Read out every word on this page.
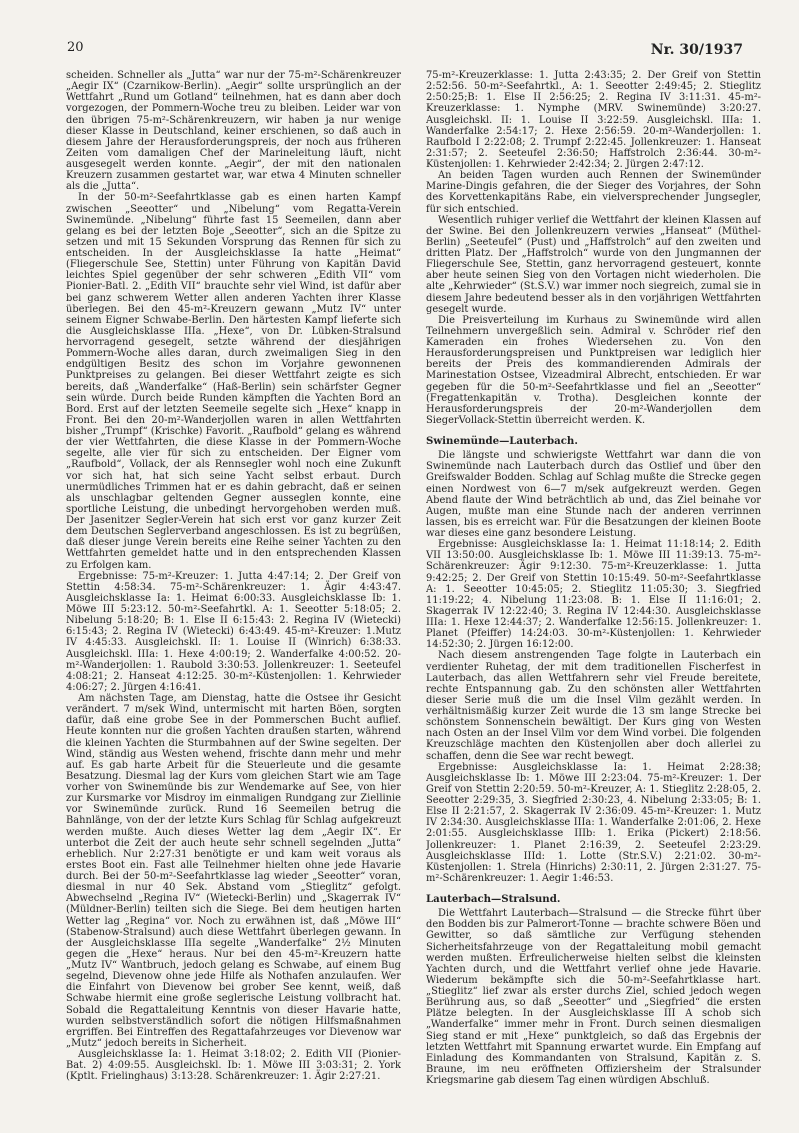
20	Nr. 30/1937

scheiden. Schneller als „Jutta“ war nur der 75-m²-Schärenkreuzer „Aegir IX“ (Czarnikow-Berlin). „Aegir“ sollte ursprünglich an der Wettfahrt „Rund um Gotland“ teilnehmen, hat es dann aber doch vorgezogen, der Pommern-Woche treu zu bleiben. Leider war von den übrigen 75-m²-Schärenkreuzern, wir haben ja nur wenige dieser Klasse in Deutschland, keiner erschienen, so daß auch in diesem Jahre der Herausforderungspreis, der noch aus früheren Zeiten vom damaligen Chef der Marineleitung läuft, nicht ausgesegelt werden konnte. „Aegir“, der mit den nationalen Kreuzern zusammen gestartet war, war etwa 4 Minuten schneller als die „Jutta“.

In der 50-m²-Seefahrtklasse gab es einen harten Kampf zwischen „Seeotter“ und „Nibelung“ vom Regatta-Verein Swinemünde. „Nibelung“ führte fast 15 Seemeilen, dann aber gelang es bei der letzten Boje „Seeotter“, sich an die Spitze zu setzen und mit 15 Sekunden Vorsprung das Rennen für sich zu entscheiden. In der Ausgleichsklasse Ia hatte „Heimat“ (Fliegerschule See, Stettin) unter Führung von Kapitän David leichtes Spiel gegenüber der sehr schweren „Edith VII“ vom Pionier-Batl. 2. „Edith VII“ brauchte sehr viel Wind, ist dafür aber bei ganz schwerem Wetter allen anderen Yachten ihrer Klasse überlegen. Bei den 45-m²-Kreuzern gewann „Mutz IV“ unter seinem Eigner Schwabe-Berlin. Den härtesten Kampf lieferte sich die Ausgleichsklasse IIIa. „Hexe“, von Dr. Lübken-Stralsund hervorragend gesegelt, setzte während der diesjährigen Pommern-Woche alles daran, durch zweimaligen Sieg in den endgültigen Besitz des schon im Vorjahre gewonnenen Punktpreises zu gelangen. Bei dieser Wettfahrt zeigte es sich bereits, daß „Wanderfalke“ (Haß-Berlin) sein schärfster Gegner sein würde. Durch beide Runden kämpften die Yachten Bord an Bord. Erst auf der letzten Seemeile segelte sich „Hexe“ knapp in Front. Bei den 20-m²-Wanderjollen waren in allen Wettfahrten bisher „Trumpf“ (Krischke) Favorit. „Raufbold“ gelang es während der vier Wettfahrten, die diese Klasse in der Pommern-Woche segelte, alle vier für sich zu entscheiden. Der Eigner vom „Raufbold“, Vollack, der als Rennsegler wohl noch eine Zukunft vor sich hat, hat sich seine Yacht selbst erbaut. Durch unermüdliches Trimmen hat er es dahin gebracht, daß er seinen als unschlagbar geltenden Gegner ausseglen konnte, eine sportliche Leistung, die unbedingt hervorgehoben werden muß. Der Jasenitzer Segler-Verein hat sich erst vor ganz kurzer Zeit dem Deutschen Seglerverband angeschlossen. Es ist zu begrüßen, daß dieser junge Verein bereits eine Reihe seiner Yachten zu den Wettfahrten gemeldet hatte und in den entsprechenden Klassen zu Erfolgen kam.

Ergebnisse: 75-m²-Kreuzer: 1. Jutta 4:47:14; 2. Der Greif von Stettin 4:58:34. 75-m²-Schärenkreuzer: 1. Ägir 4:43:47. Ausgleichsklasse Ia: 1. Heimat 6:00:33. Ausgleichsklasse Ib: 1. Möwe III 5:23:12. 50-m²-Seefahrtkl. A: 1. Seeotter 5:18:05; 2. Nibelung 5:18:20; B: 1. Else II 6:15:43: 2. Regina IV (Wietecki) 6:15:43; 2. Regina IV (Wietecki) 6:43:49. 45-m²-Kreuzer: 1.Mutz IV 4:45:33. Ausgleichskl. II: 1. Louise II (Winrich) 6:38:33. Ausgleichskl. IIIa: 1. Hexe 4:00:19; 2. Wanderfalke 4:00:52. 20-m²-Wanderjollen: 1. Raubold 3:30:53. Jollenkreuzer: 1. Seeteufel 4:08:21; 2. Hanseat 4:12:25. 30-m²-Küstenjollen: 1. Kehrwieder 4:06:27; 2. Jürgen 4:16:41.

Am nächsten Tage, am Dienstag, hatte die Ostsee ihr Gesicht verändert. 7 m/sek Wind, untermischt mit harten Böen, sorgten dafür, daß eine grobe See in der Pommerschen Bucht auflief. Heute konnten nur die großen Yachten draußen starten, während die kleinen Yachten die Sturmbahnen auf der Swine segelten. Der Wind, ständig aus Westen wehend, frischte dann mehr und mehr auf. Es gab harte Arbeit für die Steuerleute und die gesamte Besatzung. Diesmal lag der Kurs vom gleichen Start wie am Tage vorher von Swinemünde bis zur Wendemarke auf See, von hier zur Kursmarke vor Misdroy im einmaligen Rundgang zur Ziellinie vor Swinemünde zurück. Rund 16 Seemeilen betrug die Bahnlänge, von der der letzte Kurs Schlag für Schlag aufgekreuzt werden mußte. Auch dieses Wetter lag dem „Aegir IX“. Er unterbot die Zeit der auch heute sehr schnell segelnden „Jutta“ erheblich. Nur 2:27:31 benötigte er und kam weit voraus als erstes Boot ein. Fast alle Teilnehmer hielten ohne jede Havarie durch. Bei der 50-m²-Seefahrtklasse lag wieder „Seeotter“ voran, diesmal in nur 40 Sek. Abstand vom „Stieglitz“ gefolgt. Abwechselnd „Regina IV“ (Wietecki-Berlin) und „Skagerrak IV“ (Müldner-Berlin) teilten sich die Siege. Bei dem heutigen harten Wetter lag „Regina“ vor. Noch zu erwähnen ist, daß „Möwe III“ (Stabenow-Stralsund) auch diese Wettfahrt überlegen gewann. In der Ausgleichsklasse IIIa segelte „Wanderfalke“ 2½ Minuten gegen die „Hexe“ heraus. Nur bei den 45-m²-Kreuzern hatte „Mutz IV“ Wantbruch, jedoch gelang es Schwabe, auf einem Bug segelnd, Dievenow ohne jede Hilfe als Nothafen anzulaufen. Wer die Einfahrt von Dievenow bei grober See kennt, weiß, daß Schwabe hiermit eine große seglerische Leistung vollbracht hat. Sobald die Regattaleitung Kenntnis von dieser Havarie hatte, wurden selbstverständlich sofort die nötigen Hilfsmaßnahmen ergriffen. Bei Eintreffen des Regattafahrzeuges vor Dievenow war „Mutz“ jedoch bereits in Sicherheit.

Ausgleichsklasse Ia: 1. Heimat 3:18:02; 2. Edith VII (Pionier-Bat. 2) 4:09:55. Ausgleichskl. Ib: 1. Möwe III 3:03:31; 2. York (Kptlt. Frielinghaus) 3:13:28. Schärenkreuzer: 1. Ägir 2:27:21.

75-m²-Kreuzerklasse: 1. Jutta 2:43:35; 2. Der Greif von Stettin 2:52:56. 50-m²-Seefahrtkl., A: 1. Seeotter 2:49:45; 2. Stieglitz 2:50:25;B: 1. Else II 2:56:25; 2. Regina IV 3:11:31. 45-m²-Kreuzerklasse: 1. Nymphe (MRV. Swinemünde) 3:20:27. Ausgleichskl. II: 1. Louise II 3:22:59. Ausgleichskl. IIIa: 1. Wanderfalke 2:54:17; 2. Hexe 2:56:59. 20-m²-Wanderjollen: 1. Raufbold I 2:22:08; 2. Trumpf 2:22:45. Jollenkreuzer: 1. Hanseat 2:31:57; 2. Seeteufel 2:36:50; Haffstrolch 2:36:44. 30-m²-Küstenjollen: 1. Kehrwieder 2:42:34; 2. Jürgen 2:47:12.

An beiden Tagen wurden auch Rennen der Swinemünder Marine-Dingis gefahren, die der Sieger des Vorjahres, der Sohn des Korvettenkapitäns Rabe, ein vielversprechender Jungsegler, für sich entschied.

Wesentlich ruhiger verlief die Wettfahrt der kleinen Klassen auf der Swine. Bei den Jollenkreuzern verwies „Hanseat“ (Müthel-Berlin) „Seeteufel“ (Pust) und „Haffstrolch“ auf den zweiten und dritten Platz. Der „Haffstrolch“ wurde von den Jungmannen der Fliegerschule See, Stettin, ganz hervorragend gesteuert, konnte aber heute seinen Sieg von den Vortagen nicht wiederholen. Die alte „Kehrwieder“ (St.S.V.) war immer noch siegreich, zumal sie in diesem Jahre bedeutend besser als in den vorjährigen Wettfahrten gesegelt wurde.

Die Preisverteilung im Kurhaus zu Swinemünde wird allen Teilnehmern unvergeßlich sein. Admiral v. Schröder rief den Kameraden ein frohes Wiedersehen zu. Von den Herausforderungspreisen und Punktpreisen war lediglich hier bereits der Preis des kommandierenden Admirals der Marinestation Ostsee, Vizeadmiral Albrecht, entschieden. Er war gegeben für die 50-m²-Seefahrtklasse und fiel an „Seeotter“ (Fregattenkapitän v. Trotha). Desgleichen konnte der Herausforderungspreis der 20-m²-Wanderjollen dem SiegerVollack-Stettin überreicht werden. K.

Swinemünde—Lauterbach.

Die längste und schwierigste Wettfahrt war dann die von Swinemünde nach Lauterbach durch das Ostlief und über den Greifswalder Bodden. Schlag auf Schlag mußte die Strecke gegen einen Nordwest von 6—7 m/sek aufgekreuzt werden. Gegen Abend flaute der Wind beträchtlich ab und, das Ziel beinahe vor Augen, mußte man eine Stunde nach der anderen verrinnen lassen, bis es erreicht war. Für die Besatzungen der kleinen Boote war dieses eine ganz besondere Leistung.

Ergebnisse: Ausgleichsklasse Ia: 1. Heimat 11:18:14; 2. Edith VII 13:50:00. Ausgleichsklasse Ib: 1. Möwe III 11:39:13. 75-m²-Schärenkreuzer: Ägir 9:12:30. 75-m²-Kreuzerklasse: 1. Jutta 9:42:25; 2. Der Greif von Stettin 10:15:49. 50-m²-Seefahrtklasse A: 1. Seeotter 10:45:05; 2. Stieglitz 11:05:30; 3. Siegfried 11:19:22; 4. Nibelung 11:23:08. B: 1. Else II 11:16:01; 2. Skagerrak IV 12:22:40; 3. Regina IV 12:44:30. Ausgleichsklasse IIIa: 1. Hexe 12:44:37; 2. Wanderfalke 12:56:15. Jollenkreuzer: 1. Planet (Pfeiffer) 14:24:03. 30-m²-Küstenjollen: 1. Kehrwieder 14:52:30; 2. Jürgen 16:12:00.

Nach diesem anstrengenden Tage folgte in Lauterbach ein verdienter Ruhetag, der mit dem traditionellen Fischerfest in Lauterbach, das allen Wettfahrern sehr viel Freude bereitete, rechte Entspannung gab. Zu den schönsten aller Wettfahrten dieser Serie muß die um die Insel Vilm gezählt werden. In verhältnismäßig kurzer Zeit wurde die 13 sm lange Strecke bei schönstem Sonnenschein bewältigt. Der Kurs ging von Westen nach Osten an der Insel Vilm vor dem Wind vorbei. Die folgenden Kreuzschläge machten den Küstenjollen aber doch allerlei zu schaffen, denn die See war recht bewegt.

Ergebnisse: Ausgleichsklasse Ia: 1. Heimat 2:28:38; Ausgleichsklasse Ib: 1. Möwe III 2:23:04. 75-m²-Kreuzer: 1. Der Greif von Stettin 2:20:59. 50-m²-Kreuzer, A: 1. Stieglitz 2:28:05, 2. Seeotter 2:29:35, 3. Siegfried 2:30:23, 4. Nibelung 2:33:05; B: 1. Else II 2:21:57, 2. Skagerrak IV 2:36:09. 45-m²-Kreuzer: 1. Mutz IV 2:34:30. Ausgleichsklasse IIIa: 1. Wanderfalke 2:01:06, 2. Hexe 2:01:55. Ausgleichsklasse IIIb: 1. Erika (Pickert) 2:18:56. Jollenkreuzer: 1. Planet 2:16:39, 2. Seeteufel 2:23:29. Ausgleichsklasse IIId: 1. Lotte (Str.S.V.) 2:21:02. 30-m²-Küstenjollen: 1. Strela (Hinrichs) 2:30:11, 2. Jürgen 2:31:27. 75-m²-Schärenkreuzer: 1. Aegir 1:46:53.

Lauterbach—Stralsund.

Die Wettfahrt Lauterbach—Stralsund — die Strecke führt über den Bodden bis zur Palmerort-Tonne — brachte schwere Böen und Gewitter, so daß sämtliche zur Verfügung stehenden Sicherheitsfahrzeuge von der Regattaleitung mobil gemacht werden mußten. Erfreulicherweise hielten selbst die kleinsten Yachten durch, und die Wettfahrt verlief ohne jede Havarie. Wiederum bekämpfte sich die 50-m²-Seefahrtklasse hart. „Stieglitz“ lief zwar als erster durchs Ziel, schied jedoch wegen Berührung aus, so daß „Seeotter“ und „Siegfried“ die ersten Plätze belegten. In der Ausgleichsklasse III A schob sich „Wanderfalke“ immer mehr in Front. Durch seinen diesmaligen Sieg stand er mit „Hexe“ punktgleich, so daß das Ergebnis der letzten Wettfahrt mit Spannung erwartet wurde. Ein Empfang auf Einladung des Kommandanten von Stralsund, Kapitän z. S. Braune, im neu eröffneten Offiziersheim der Stralsunder Kriegsmarine gab diesem Tag einen würdigen Abschluß.
